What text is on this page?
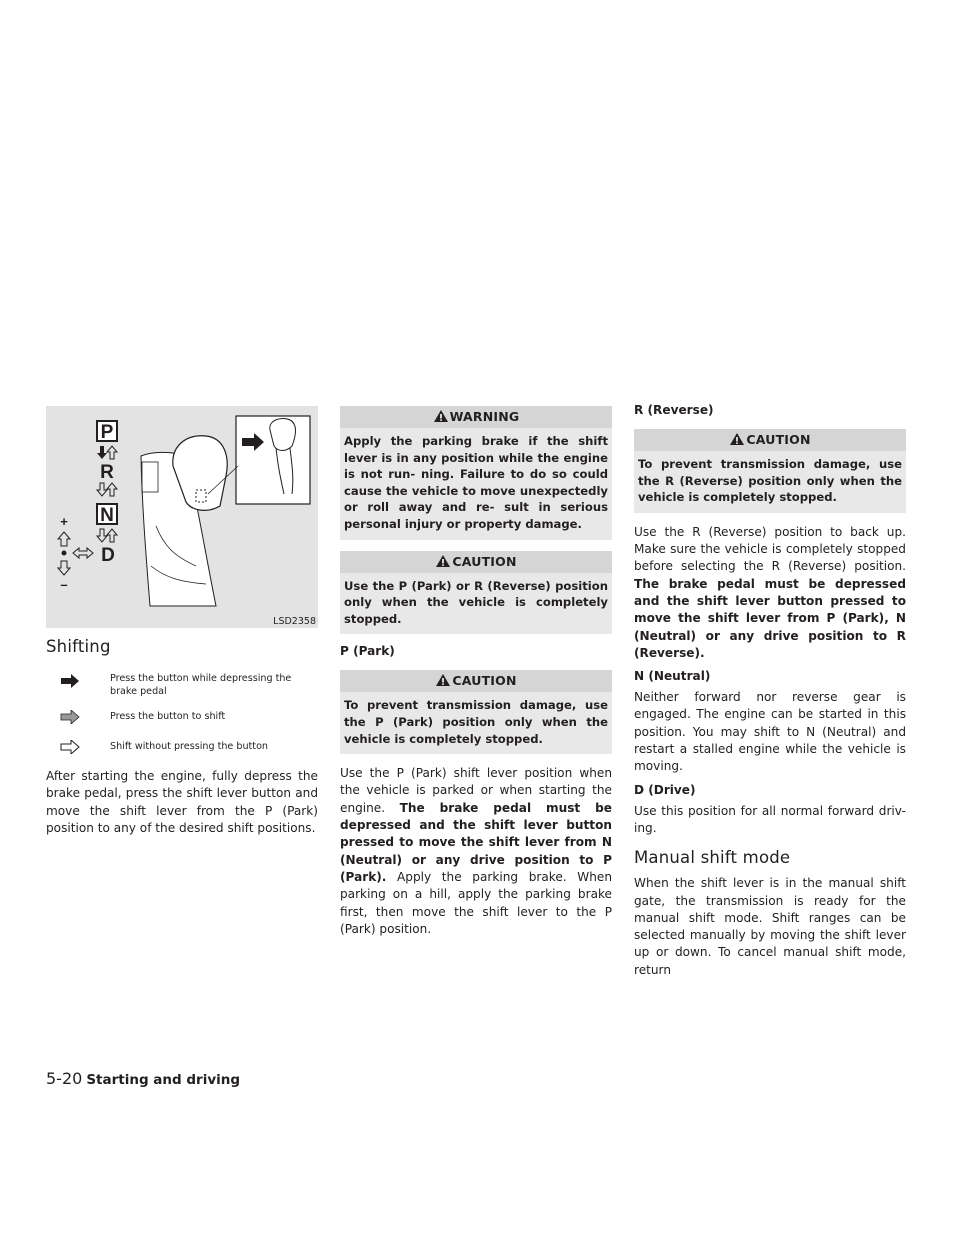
P
R
N
D
+
–
LSD2358
Shifting
Press the button while depressing the brake pedal
Press the button to shift
Shift without pressing the button

After starting the engine, fully depress the brake pedal, press the shift lever button and move the shift lever from the P (Park) position to any of the desired shift positions.

WARNING
Apply the parking brake if the shift lever is in any position while the engine is not run- ning. Failure to do so could cause the vehicle to move unexpectedly or roll away and re- sult in serious personal injury or property damage.
CAUTION
Use the P (Park) or R (Reverse) position only when the vehicle is completely stopped.
P (Park)
CAUTION
To prevent transmission damage, use the P (Park) position only when the vehicle is completely stopped.

Use the P (Park) shift lever position when the vehicle is parked or when starting the engine. The brake pedal must be depressed and the shift lever button pressed to move the shift lever from N (Neutral) or any drive position to P (Park). Apply the parking brake. When parking on a hill, apply the parking brake first, then move the shift lever to the P (Park) position.

R (Reverse)
CAUTION
To prevent transmission damage, use the R (Reverse) position only when the vehicle is completely stopped.

Use the R (Reverse) position to back up. Make sure the vehicle is completely stopped before selecting the R (Reverse) position. The brake pedal must be depressed and the shift lever button pressed to move the shift lever from P (Park), N (Neutral) or any drive position to R (Reverse).

N (Neutral)

Neither forward nor reverse gear is engaged. The engine can be started in this position. You may shift to N (Neutral) and restart a stalled engine while the vehicle is moving.

D (Drive)

Use this position for all normal forward driv- ing.

Manual shift mode

When the shift lever is in the manual shift gate, the transmission is ready for the manual shift mode. Shift ranges can be selected manually by moving the shift lever up or down. To cancel manual shift mode, return

5-20 Starting and driving
